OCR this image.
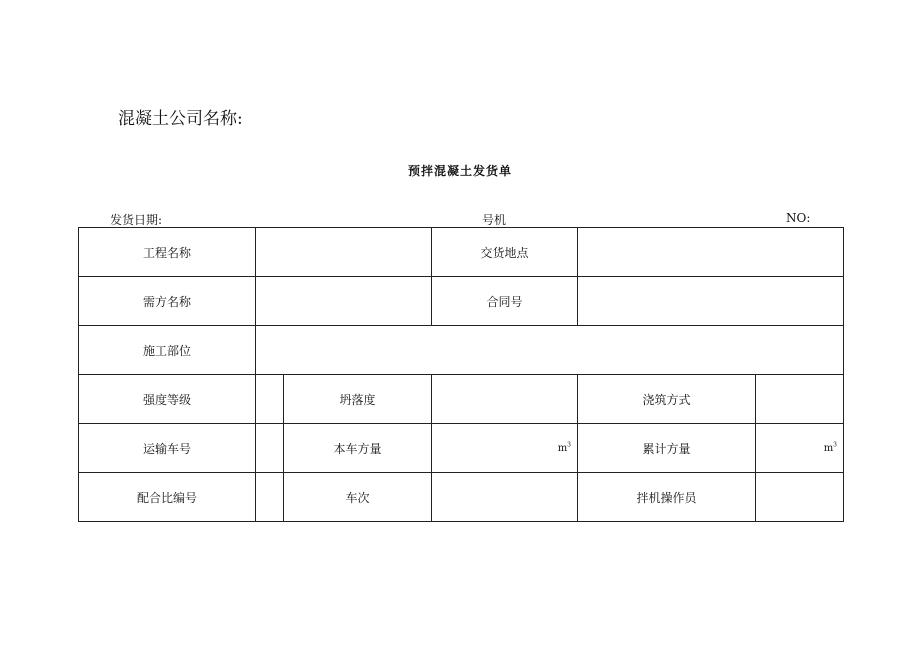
混凝土公司名称:
预拌混凝土发货单
发货日期:	号机	NO:
工程名称			交货地点		
需方名称			合同号		
施工部位					
强度等级		坍落度		浇筑方式	
运输车号		本车方量	$m^3$	累计方量	$m^3$
配合比编号		车次		拌机操作员	
